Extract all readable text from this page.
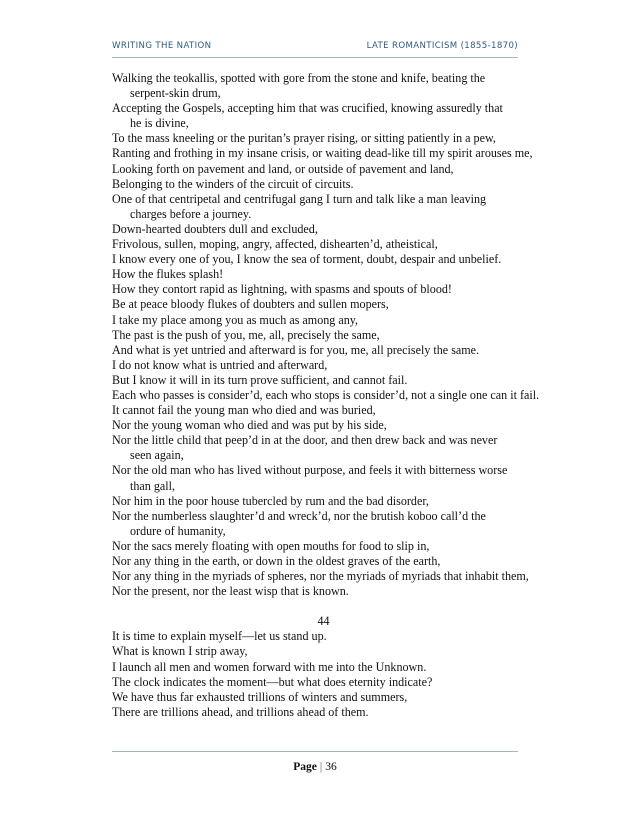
WRITING THE NATION	LATE ROMANTICISM (1855-1870)
Walking the teokallis, spotted with gore from the stone and knife, beating the
serpent-skin drum,
Accepting the Gospels, accepting him that was crucified, knowing assuredly that
he is divine,
To the mass kneeling or the puritan’s prayer rising, or sitting patiently in a pew,
Ranting and frothing in my insane crisis, or waiting dead-like till my spirit arouses me,
Looking forth on pavement and land, or outside of pavement and land,
Belonging to the winders of the circuit of circuits.
One of that centripetal and centrifugal gang I turn and talk like a man leaving
charges before a journey.
Down-hearted doubters dull and excluded,
Frivolous, sullen, moping, angry, affected, dishearten’d, atheistical,
I know every one of you, I know the sea of torment, doubt, despair and unbelief.
How the flukes splash!
How they contort rapid as lightning, with spasms and spouts of blood!
Be at peace bloody flukes of doubters and sullen mopers,
I take my place among you as much as among any,
The past is the push of you, me, all, precisely the same,
And what is yet untried and afterward is for you, me, all precisely the same.
I do not know what is untried and afterward,
But I know it will in its turn prove sufficient, and cannot fail.
Each who passes is consider’d, each who stops is consider’d, not a single one can it fail.
It cannot fail the young man who died and was buried,
Nor the young woman who died and was put by his side,
Nor the little child that peep’d in at the door, and then drew back and was never
seen again,
Nor the old man who has lived without purpose, and feels it with bitterness worse
than gall,
Nor him in the poor house tubercled by rum and the bad disorder,
Nor the numberless slaughter’d and wreck’d, nor the brutish koboo call’d the
ordure of humanity,
Nor the sacs merely floating with open mouths for food to slip in,
Nor any thing in the earth, or down in the oldest graves of the earth,
Nor any thing in the myriads of spheres, nor the myriads of myriads that inhabit them,
Nor the present, nor the least wisp that is known.
44
It is time to explain myself—let us stand up.
What is known I strip away,
I launch all men and women forward with me into the Unknown.
The clock indicates the moment—but what does eternity indicate?
We have thus far exhausted trillions of winters and summers,
There are trillions ahead, and trillions ahead of them.
Page | 36
